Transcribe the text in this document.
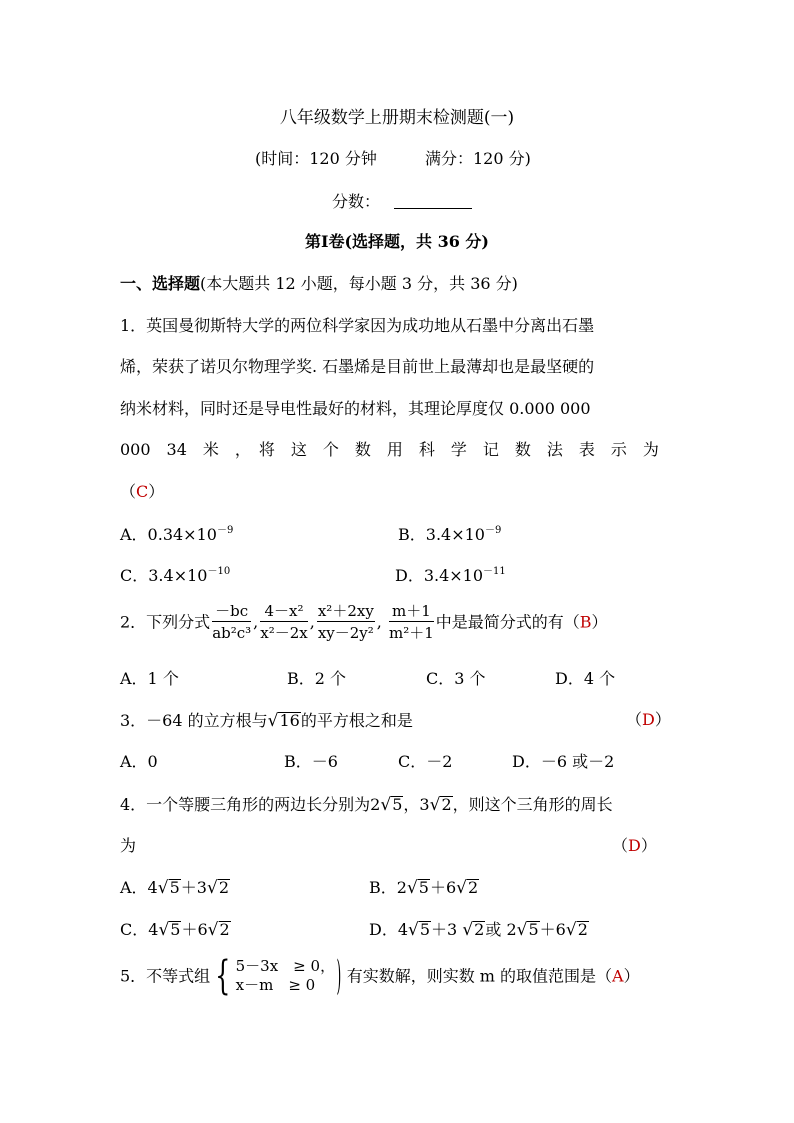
八年级数学上册期末检测题(一)
(时间：120 分钟	满分：120 分)
分数：
第Ⅰ卷(选择题，共 36 分)
一、选择题(本大题共 12 小题，每小题 3 分，共 36 分)
1．英国曼彻斯特大学的两位科学家因为成功地从石墨中分离出石墨
烯，荣获了诺贝尔物理学奖. 石墨烯是目前世上最薄却也是最坚硬的
纳米材料，同时还是导电性最好的材料，其理论厚度仅 0.000 000
000　34　米　，　将　这　个　数　用　科　学　记　数　法　表　示　为
（C）
A．$0.34\times 10^{-9}$	B．$3.4\times 10^{-9}$
C．$3.4\times 10^{-10}$	D．$3.4\times 10^{-11}$
2．下列分式 $\frac{-bc}{\text{ab²c³}}$ , $\frac{\text{4－x²}}{\text{x²－2x}}$ , $\frac{\text{x²＋2xy}}{\text{xy－2y²}}$ , $\frac{m+1}{\text{m²＋1}}$ 中是最简分式的有（B）
A．1 个	B．2 个	C．3 个	D．4 个
3．－64 的立方根与√16的平方根之和是	（D）
A．0	B．－6	C．－2	D．－6 或－2
4．一个等腰三角形的两边长分别为2√5，3√2，则这个三角形的周长
为	（D）
A．4√5＋3√2	B．2√5＋6√2
C．4√5＋6√2	D．4√5＋3 √2或 2√5＋6√2
5．不等式组 { 5－3x　≥ 0，
x－m　≥ 0 ) 有实数解，则实数 m 的取值范围是（A）
